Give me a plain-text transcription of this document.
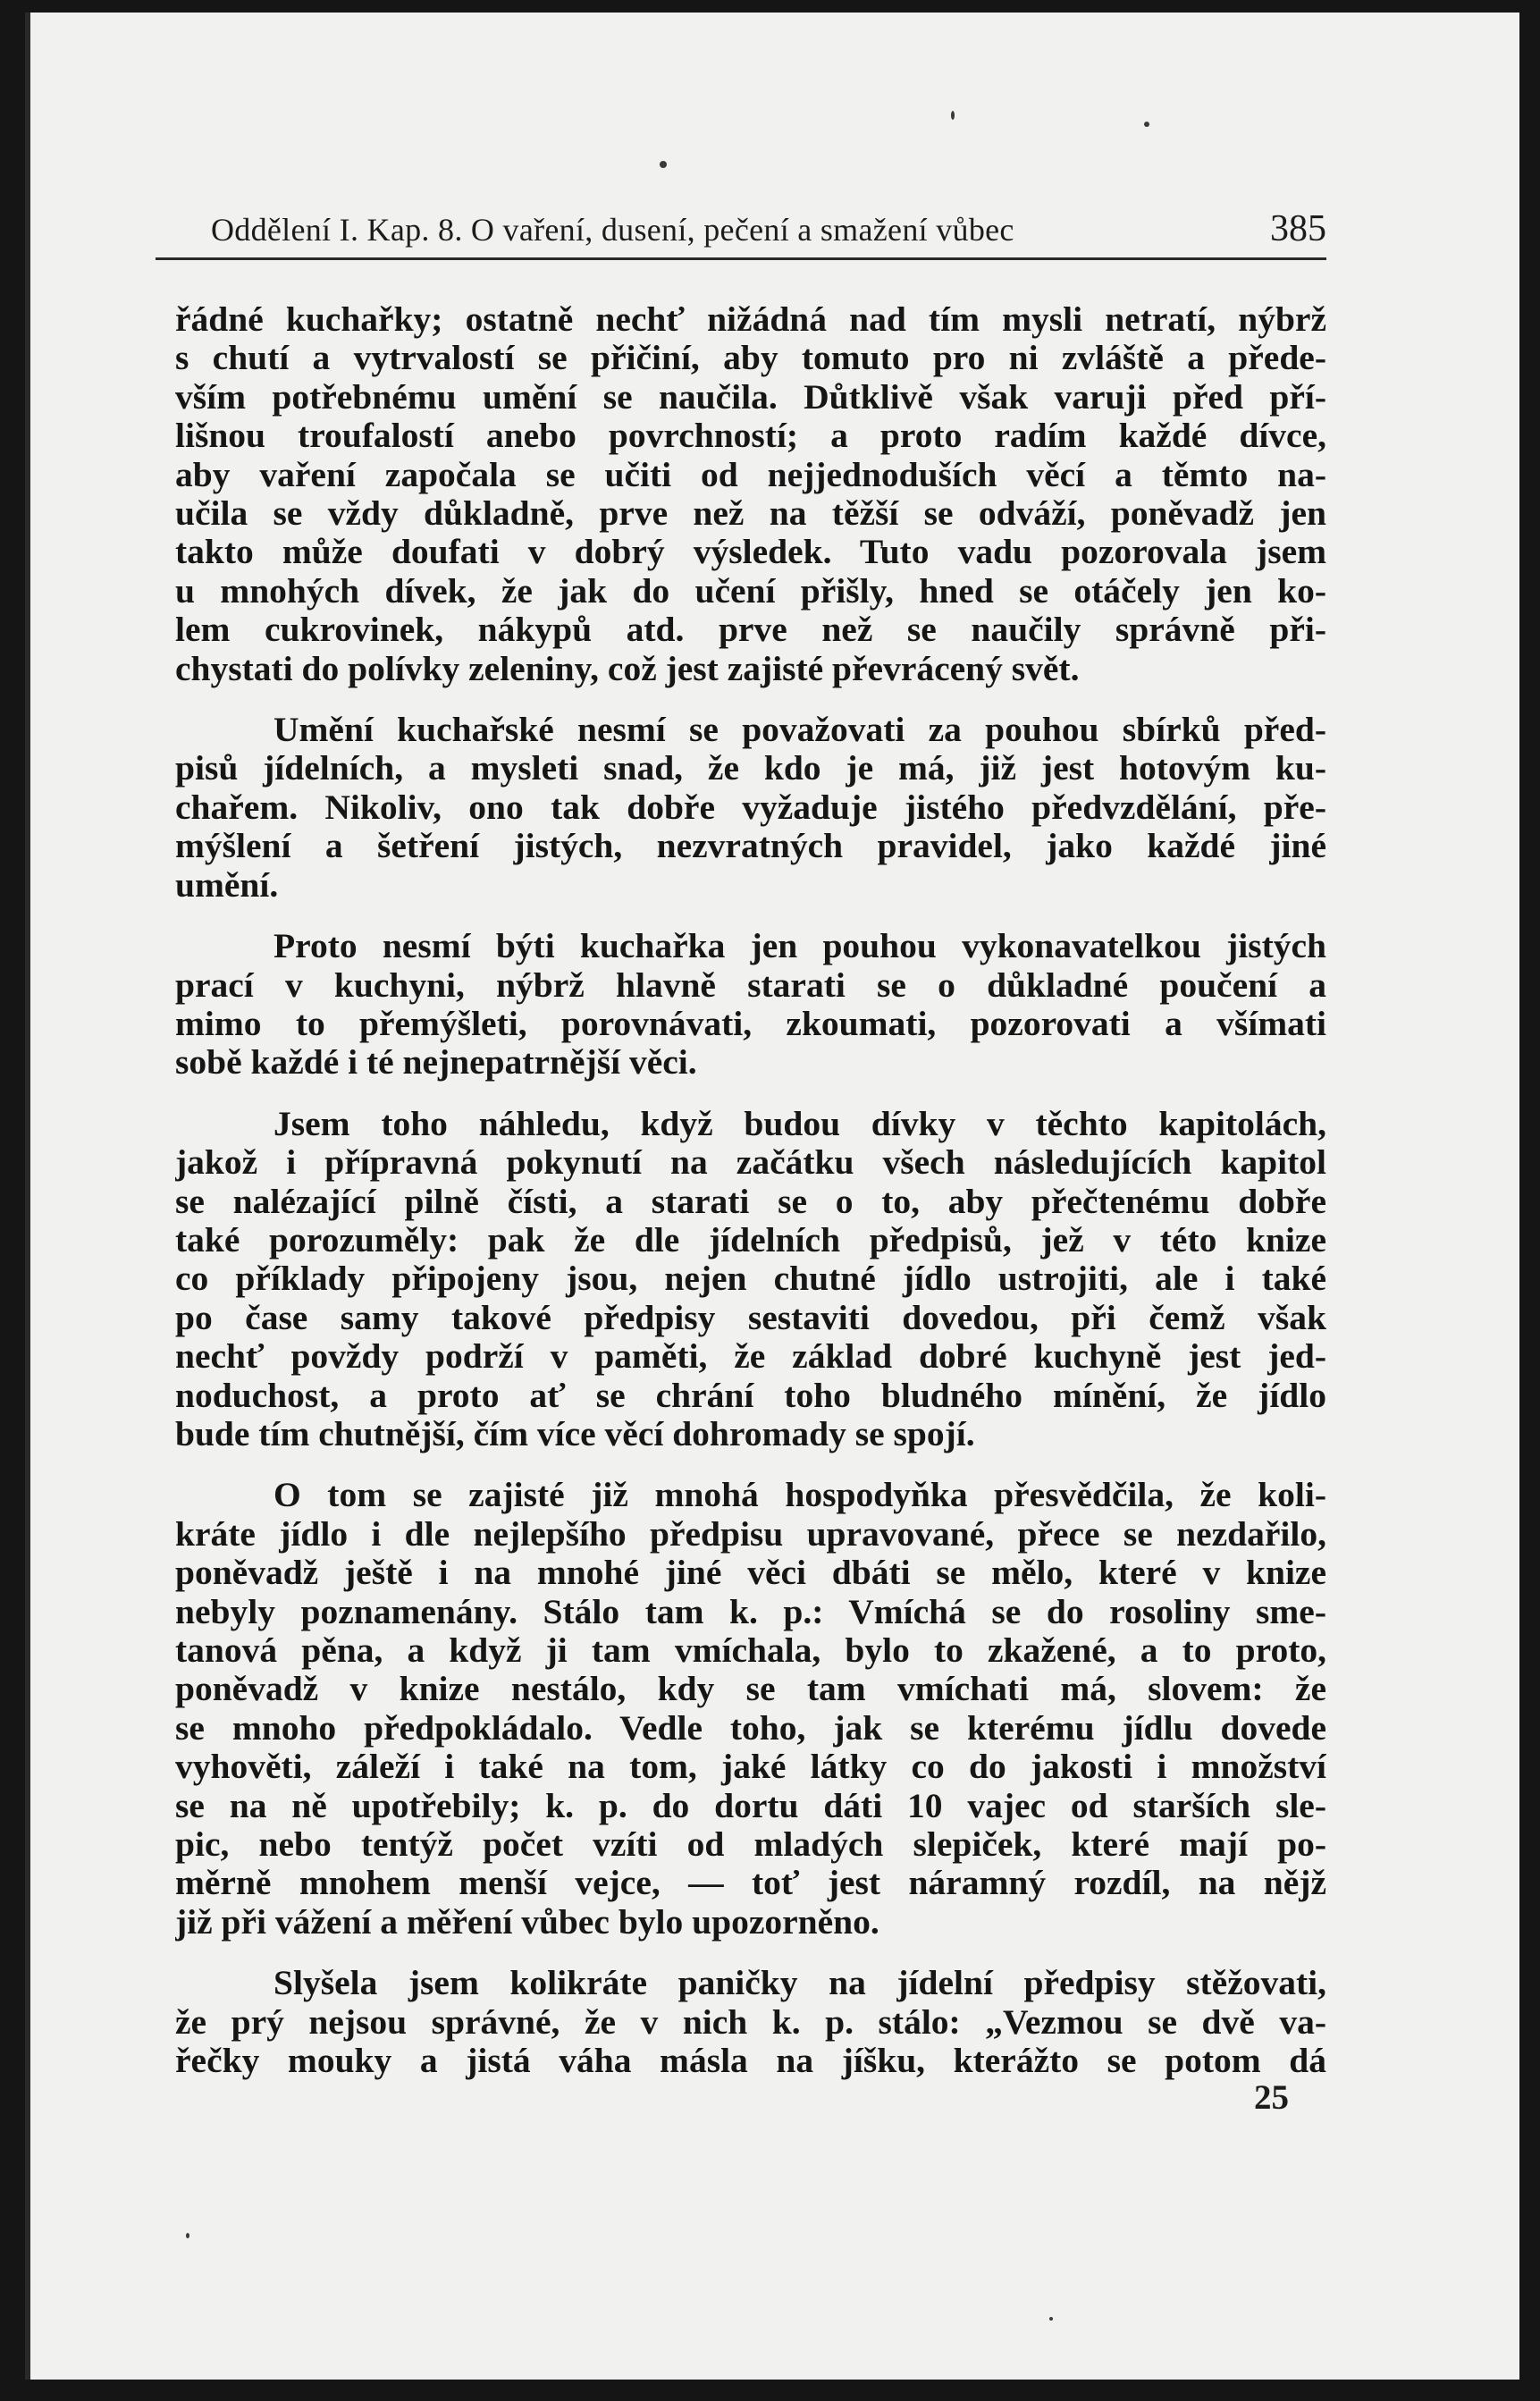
Oddělení I. Kap. 8. O vaření, dusení, pečení a smažení vůbec	385
řádné kuchařky; ostatně nechť nižádná nad tím mysli netratí, nýbrž
s chutí a vytrvalostí se přičiní, aby tomuto pro ni zvláště a přede-
vším potřebnému umění se naučila. Důtklivě však varuji před pří-
lišnou troufalostí anebo povrchností; a proto radím každé dívce,
aby vaření započala se učiti od nejjednoduších věcí a těmto na-
učila se vždy důkladně, prve než na těžší se odváží, poněvadž jen
takto může doufati v dobrý výsledek. Tuto vadu pozorovala jsem
u mnohých dívek, že jak do učení přišly, hned se otáčely jen ko-
lem cukrovinek, nákypů atd. prve než se naučily správně při-
chystati do polívky zeleniny, což jest zajisté převrácený svět.
Umění kuchařské nesmí se považovati za pouhou sbírků před-
pisů jídelních, a mysleti snad, že kdo je má, již jest hotovým ku-
chařem. Nikoliv, ono tak dobře vyžaduje jistého předvzdělání, pře-
mýšlení a šetření jistých, nezvratných pravidel, jako každé jiné
umění.
Proto nesmí býti kuchařka jen pouhou vykonavatelkou jistých
prací v kuchyni, nýbrž hlavně starati se o důkladné poučení a
mimo to přemýšleti, porovnávati, zkoumati, pozorovati a všímati
sobě každé i té nejnepatrnější věci.
Jsem toho náhledu, když budou dívky v těchto kapitolách,
jakož i přípravná pokynutí na začátku všech následujících kapitol
se nalézající pilně čísti, a starati se o to, aby přečtenému dobře
také porozuměly: pak že dle jídelních předpisů, jež v této knize
co příklady připojeny jsou, nejen chutné jídlo ustrojiti, ale i také
po čase samy takové předpisy sestaviti dovedou, při čemž však
nechť povždy podrží v paměti, že základ dobré kuchyně jest jed-
noduchost, a proto ať se chrání toho bludného mínění, že jídlo
bude tím chutnější, čím více věcí dohromady se spojí.
O tom se zajisté již mnohá hospodyňka přesvědčila, že koli-
kráte jídlo i dle nejlepšího předpisu upravované, přece se nezdařilo,
poněvadž ještě i na mnohé jiné věci dbáti se mělo, které v knize
nebyly poznamenány. Stálo tam k. p.: Vmíchá se do rosoliny sme-
tanová pěna, a když ji tam vmíchala, bylo to zkažené, a to proto,
poněvadž v knize nestálo, kdy se tam vmíchati má, slovem: že
se mnoho předpokládalo. Vedle toho, jak se kterému jídlu dovede
vyhověti, záleží i také na tom, jaké látky co do jakosti i množství
se na ně upotřebily; k. p. do dortu dáti 10 vajec od starších sle-
pic, nebo tentýž počet vzíti od mladých slepiček, které mají po-
měrně mnohem menší vejce, — toť jest náramný rozdíl, na nějž
již při vážení a měření vůbec bylo upozorněno.
Slyšela jsem kolikráte paničky na jídelní předpisy stěžovati,
že prý nejsou správné, že v nich k. p. stálo: „Vezmou se dvě va-
řečky mouky a jistá váha másla na jíšku, kterážto se potom dá
25
